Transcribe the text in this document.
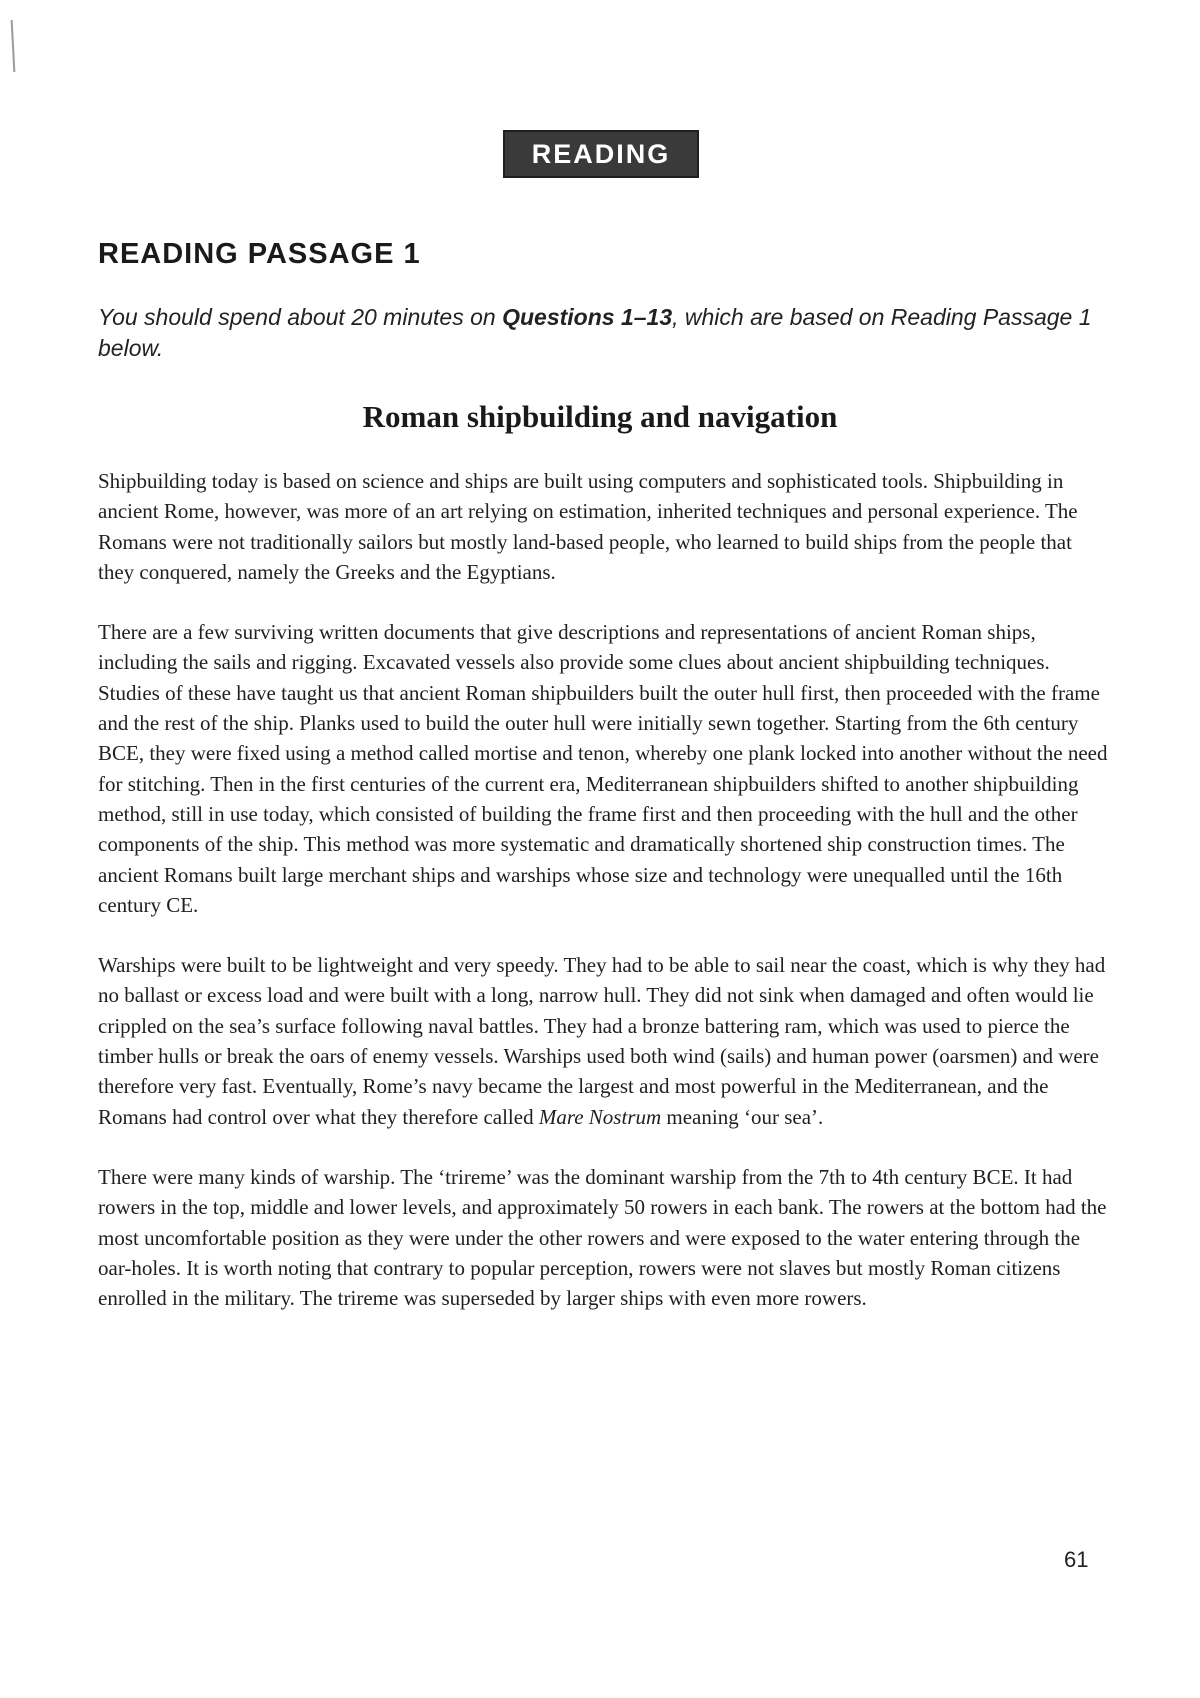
READING
READING PASSAGE 1

You should spend about 20 minutes on Questions 1–13, which are based on Reading Passage 1 below.

Roman shipbuilding and navigation

Shipbuilding today is based on science and ships are built using computers and sophisticated tools. Shipbuilding in ancient Rome, however, was more of an art relying on estimation, inherited techniques and personal experience. The Romans were not traditionally sailors but mostly land-based people, who learned to build ships from the people that they conquered, namely the Greeks and the Egyptians.

There are a few surviving written documents that give descriptions and representations of ancient Roman ships, including the sails and rigging. Excavated vessels also provide some clues about ancient shipbuilding techniques. Studies of these have taught us that ancient Roman shipbuilders built the outer hull first, then proceeded with the frame and the rest of the ship. Planks used to build the outer hull were initially sewn together. Starting from the 6th century BCE, they were fixed using a method called mortise and tenon, whereby one plank locked into another without the need for stitching. Then in the first centuries of the current era, Mediterranean shipbuilders shifted to another shipbuilding method, still in use today, which consisted of building the frame first and then proceeding with the hull and the other components of the ship. This method was more systematic and dramatically shortened ship construction times. The ancient Romans built large merchant ships and warships whose size and technology were unequalled until the 16th century CE.

Warships were built to be lightweight and very speedy. They had to be able to sail near the coast, which is why they had no ballast or excess load and were built with a long, narrow hull. They did not sink when damaged and often would lie crippled on the sea’s surface following naval battles. They had a bronze battering ram, which was used to pierce the timber hulls or break the oars of enemy vessels. Warships used both wind (sails) and human power (oarsmen) and were therefore very fast. Eventually, Rome’s navy became the largest and most powerful in the Mediterranean, and the Romans had control over what they therefore called Mare Nostrum meaning ‘our sea’.

There were many kinds of warship. The ‘trireme’ was the dominant warship from the 7th to 4th century BCE. It had rowers in the top, middle and lower levels, and approximately 50 rowers in each bank. The rowers at the bottom had the most uncomfortable position as they were under the other rowers and were exposed to the water entering through the oar-holes. It is worth noting that contrary to popular perception, rowers were not slaves but mostly Roman citizens enrolled in the military. The trireme was superseded by larger ships with even more rowers.

61
